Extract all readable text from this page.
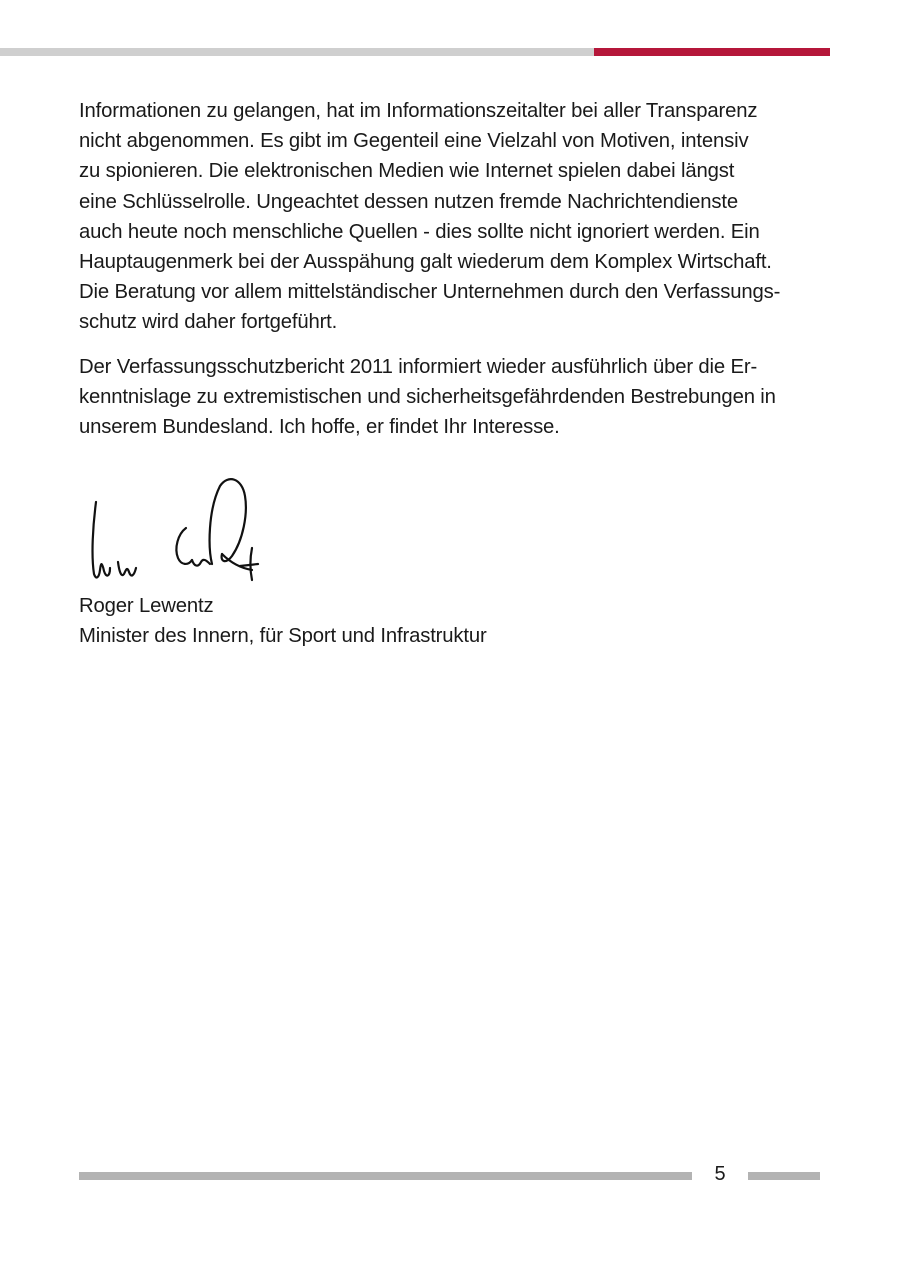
Informationen zu gelangen, hat im Informationszeitalter bei aller Transparenz
nicht abgenommen. Es gibt im Gegenteil eine Vielzahl von Motiven, intensiv
zu spionieren. Die elektronischen Medien wie Internet spielen dabei längst
eine Schlüsselrolle. Ungeachtet dessen nutzen fremde Nachrichtendienste
auch heute noch menschliche Quellen - dies sollte nicht ignoriert werden. Ein
Hauptaugenmerk bei der Ausspähung galt wiederum dem Komplex Wirtschaft.
Die Beratung vor allem mittelständischer Unternehmen durch den Verfassungs-
schutz wird daher fortgeführt.

Der Verfassungsschutzbericht 2011 informiert wieder ausführlich über die Er-
kenntnislage zu extremistischen und sicherheitsgefährdenden Bestrebungen in
unserem Bundesland. Ich hoffe, er findet Ihr Interesse.

Roger Lewentz
Minister des Innern, für Sport und Infrastruktur
5
